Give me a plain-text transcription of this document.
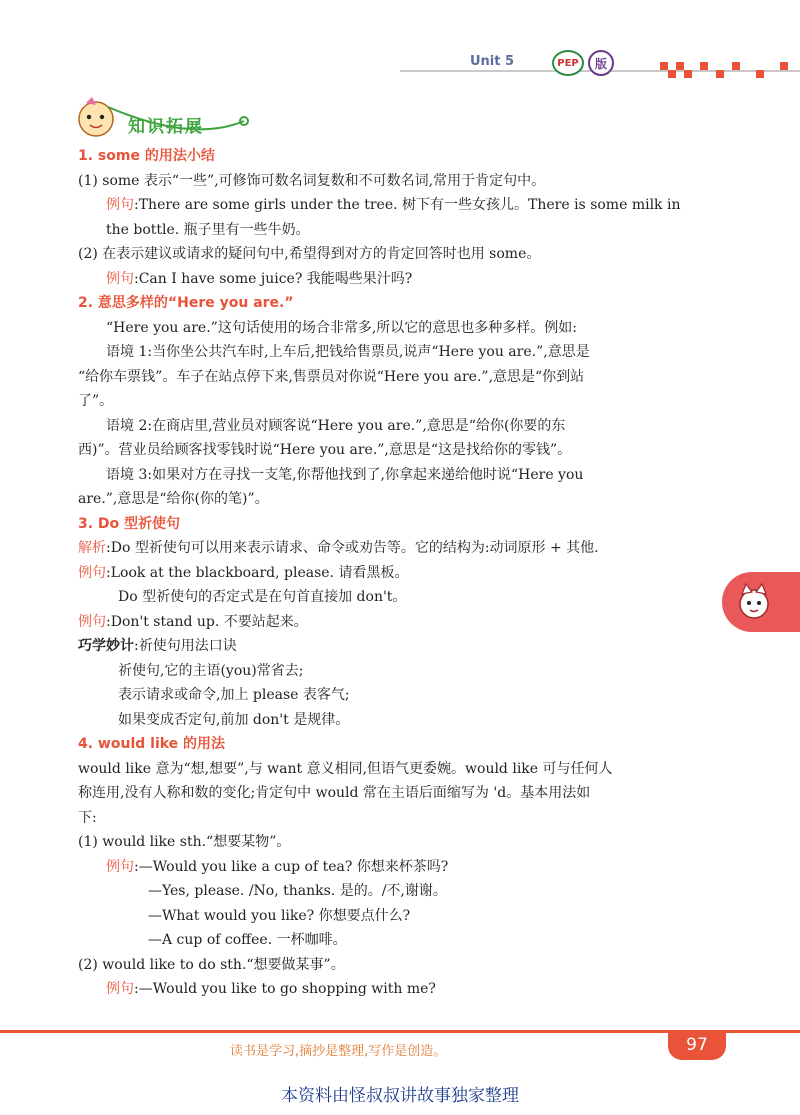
Unit 5	PEP	版
知识拓展

1. some 的用法小结

(1) some 表示“一些”,可修饰可数名词复数和不可数名词,常用于肯定句中。

例句:There are some girls under the tree. 树下有一些女孩儿。There is some milk in

the bottle. 瓶子里有一些牛奶。

(2) 在表示建议或请求的疑问句中,希望得到对方的肯定回答时也用 some。

例句:Can I have some juice? 我能喝些果汁吗?

2. 意思多样的“Here you are.”

“Here you are.”这句话使用的场合非常多,所以它的意思也多种多样。例如:

语境 1:当你坐公共汽车时,上车后,把钱给售票员,说声“Here you are.”,意思是

“给你车票钱”。车子在站点停下来,售票员对你说“Here you are.”,意思是“你到站

了”。

语境 2:在商店里,营业员对顾客说“Here you are.”,意思是“给你(你要的东

西)”。营业员给顾客找零钱时说“Here you are.”,意思是“这是找给你的零钱”。

语境 3:如果对方在寻找一支笔,你帮他找到了,你拿起来递给他时说“Here you

are.”,意思是“给你(你的笔)”。

3. Do 型祈使句

解析:Do 型祈使句可以用来表示请求、命令或劝告等。它的结构为:动词原形 + 其他.

例句:Look at the blackboard, please. 请看黑板。

Do 型祈使句的否定式是在句首直接加 don't。

例句:Don't stand up. 不要站起来。

巧学妙计:祈使句用法口诀

祈使句,它的主语(you)常省去;

表示请求或命令,加上 please 表客气;

如果变成否定句,前加 don't 是规律。

4. would like 的用法

would like 意为“想,想要”,与 want 意义相同,但语气更委婉。would like 可与任何人

称连用,没有人称和数的变化;肯定句中 would 常在主语后面缩写为 'd。基本用法如

下:

(1) would like sth.“想要某物”。

例句:—Would you like a cup of tea? 你想来杯茶吗?

—Yes, please. /No, thanks. 是的。/不,谢谢。

—What would you like? 你想要点什么?

—A cup of coffee. 一杯咖啡。

(2) would like to do sth.“想要做某事”。

例句:—Would you like to go shopping with me?

读书是学习,摘抄是整理,写作是创造。	97
本资料由怪叔叔讲故事独家整理
